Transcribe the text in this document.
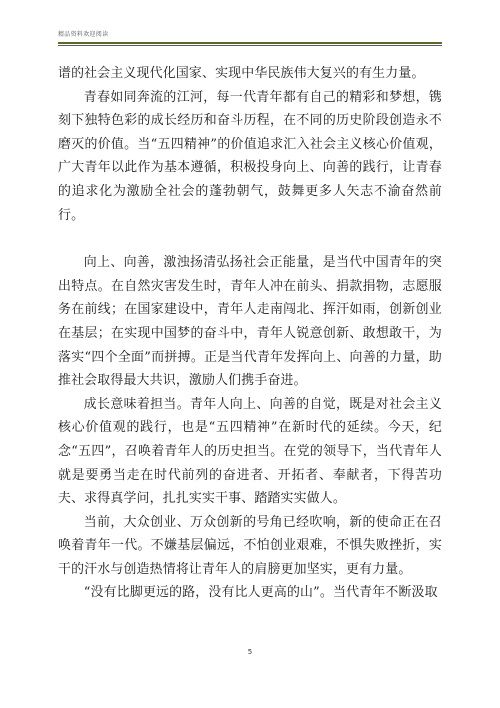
精品资料欢迎阅读

谱的社会主义现代化国家、实现中华民族伟大复兴的有生力量。

青春如同奔流的江河，每一代青年都有自己的精彩和梦想，镌刻下独特色彩的成长经历和奋斗历程，在不同的历史阶段创造永不磨灭的价值。当“五四精神”的价值追求汇入社会主义核心价值观，广大青年以此作为基本遵循，积极投身向上、向善的践行，让青春的追求化为激励全社会的蓬勃朝气，鼓舞更多人矢志不渝奋然前行。

向上、向善，激浊扬清弘扬社会正能量，是当代中国青年的突出特点。在自然灾害发生时，青年人冲在前头、捐款捐物，志愿服务在前线；在国家建设中，青年人走南闯北、挥汗如雨，创新创业在基层；在实现中国梦的奋斗中，青年人锐意创新、敢想敢干，为落实“四个全面”而拼搏。正是当代青年发挥向上、向善的力量，助推社会取得最大共识，激励人们携手奋进。

成长意味着担当。青年人向上、向善的自觉，既是对社会主义核心价值观的践行，也是“五四精神”在新时代的延续。今天，纪念“五四”，召唤着青年人的历史担当。在党的领导下，当代青年人就是要勇当走在时代前列的奋进者、开拓者、奉献者，下得苦功夫、求得真学问，扎扎实实干事、踏踏实实做人。

当前，大众创业、万众创新的号角已经吹响，新的使命正在召唤着青年一代。不嫌基层偏远，不怕创业艰难，不惧失败挫折，实干的汗水与创造热情将让青年人的肩膀更加坚实，更有力量。

“没有比脚更远的路，没有比人更高的山”。当代青年不断汲取

5
